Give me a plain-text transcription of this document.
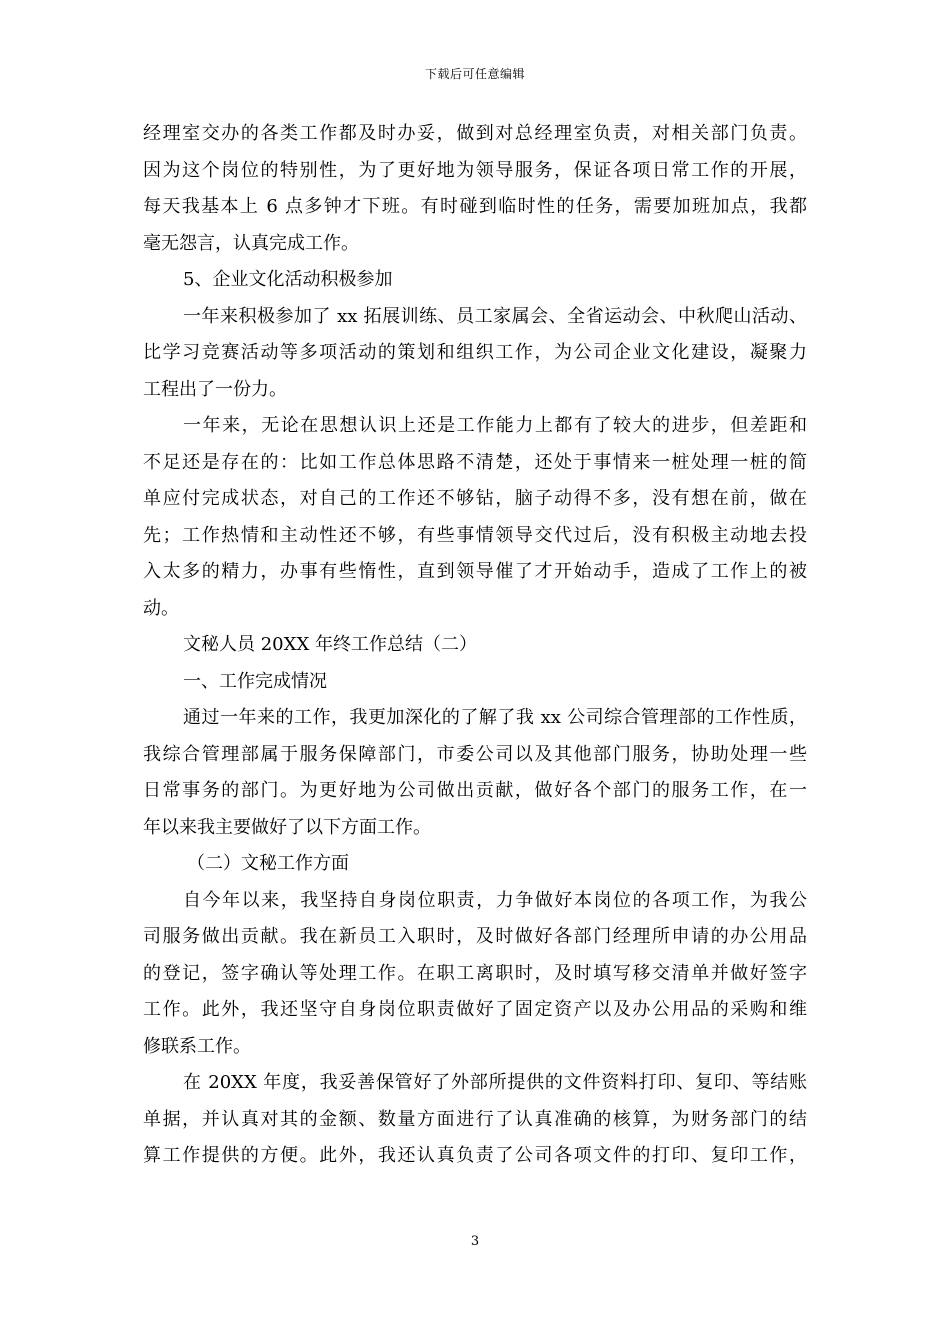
下载后可任意编辑
经理室交办的各类工作都及时办妥，做到对总经理室负责，对相关部门负责。
因为这个岗位的特别性，为了更好地为领导服务，保证各项日常工作的开展，
每天我基本上 6 点多钟才下班。有时碰到临时性的任务，需要加班加点，我都
毫无怨言，认真完成工作。
5、企业文化活动积极参加
一年来积极参加了 xx 拓展训练、员工家属会、全省运动会、中秋爬山活动、
比学习竞赛活动等多项活动的策划和组织工作，为公司企业文化建设，凝聚力
工程出了一份力。
一年来，无论在思想认识上还是工作能力上都有了较大的进步，但差距和
不足还是存在的：比如工作总体思路不清楚，还处于事情来一桩处理一桩的简
单应付完成状态，对自己的工作还不够钻，脑子动得不多，没有想在前，做在
先；工作热情和主动性还不够，有些事情领导交代过后，没有积极主动地去投
入太多的精力，办事有些惰性，直到领导催了才开始动手，造成了工作上的被
动。
文秘人员 20XX 年终工作总结（二）
一、工作完成情况
通过一年来的工作，我更加深化的了解了我 xx 公司综合管理部的工作性质，
我综合管理部属于服务保障部门，市委公司以及其他部门服务，协助处理一些
日常事务的部门。为更好地为公司做出贡献，做好各个部门的服务工作，在一
年以来我主要做好了以下方面工作。
（二）文秘工作方面
自今年以来，我坚持自身岗位职责，力争做好本岗位的各项工作，为我公
司服务做出贡献。我在新员工入职时，及时做好各部门经理所申请的办公用品
的登记，签字确认等处理工作。在职工离职时，及时填写移交清单并做好签字
工作。此外，我还坚守自身岗位职责做好了固定资产以及办公用品的采购和维
修联系工作。
在 20XX 年度，我妥善保管好了外部所提供的文件资料打印、复印、等结账
单据，并认真对其的金额、数量方面进行了认真准确的核算，为财务部门的结
算工作提供的方便。此外，我还认真负责了公司各项文件的打印、复印工作，
3
